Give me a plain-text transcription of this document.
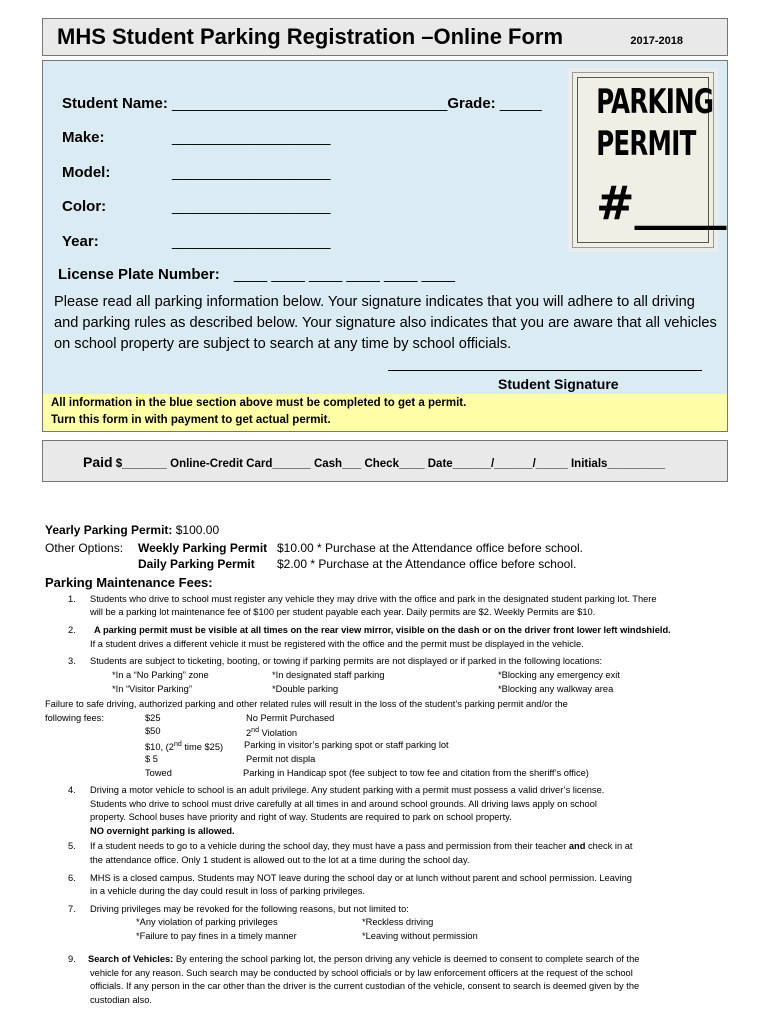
MHS Student Parking Registration –Online Form	2017-2018
Student Name: _________________________________Grade: _____
Make:	___________________
Model:	___________________
Color:	___________________
Year:	___________________
License Plate Number: ____ ____ ____ ____ ____ ____
PARKING
PERMIT
#____

Please read all parking information below. Your signature indicates that you will adhere to all driving and parking rules as described below. Your signature also indicates that you are aware that all vehicles on school property are subject to search at any time by school officials.

Student Signature
All information in the blue section above must be completed to get a permit.
Turn this form in with payment to get actual permit.
Paid $_______ Online-Credit Card______ Cash___ Check____ Date______/______/_____ Initials_________
Yearly Parking Permit: $100.00
Other Options: Weekly Parking Permit $10.00 * Purchase at the Attendance office before school.
Daily Parking Permit $2.00 * Purchase at the Attendance office before school.
Parking Maintenance Fees:
1. Students who drive to school must register any vehicle they may drive with the office and park in the designated student parking lot. There
will be a parking lot maintenance fee of $100 per student payable each year. Daily permits are $2. Weekly Permits are $10.
2. A parking permit must be visible at all times on the rear view mirror, visible on the dash or on the driver front lower left windshield.
If a student drives a different vehicle it must be registered with the office and the permit must be displayed in the vehicle.
3. Students are subject to ticketing, booting, or towing if parking permits are not displayed or if parked in the following locations:
*In a “No Parking” zone	*In designated staff parking	*Blocking any emergency exit
*In “Visitor Parking”	*Double parking	*Blocking any walkway area
Failure to safe driving, authorized parking and other related rules will result in the loss of the student’s parking permit and/or the
following fees:	$25	No Permit Purchased
$50	2nd Violation
$10, (2nd time $25) Parking in visitor’s parking spot or staff parking lot
$ 5	Permit not displa
Towed	Parking in Handicap spot (fee subject to tow fee and citation from the sheriff’s office)
4. Driving a motor vehicle to school is an adult privilege. Any student parking with a permit must possess a valid driver’s license.
Students who drive to school must drive carefully at all times in and around school grounds. All driving laws apply on school
property. School buses have priority and right of way. Students are required to park on school property.
NO overnight parking is allowed.
5. If a student needs to go to a vehicle during the school day, they must have a pass and permission from their teacher and check in at
the attendance office. Only 1 student is allowed out to the lot at a time during the school day.
6. MHS is a closed campus. Students may NOT leave during the school day or at lunch without parent and school permission. Leaving
in a vehicle during the day could result in loss of parking privileges.
7. Driving privileges may be revoked for the following reasons, but not limited to:
*Any violation of parking privileges	*Reckless driving
*Failure to pay fines in a timely manner	*Leaving without permission
9. Search of Vehicles: By entering the school parking lot, the person driving any vehicle is deemed to consent to complete search of the
vehicle for any reason. Such search may be conducted by school officials or by law enforcement officers at the request of the school
officials. If any person in the car other than the driver is the current custodian of the vehicle, consent to search is deemed given by the
custodian also.
